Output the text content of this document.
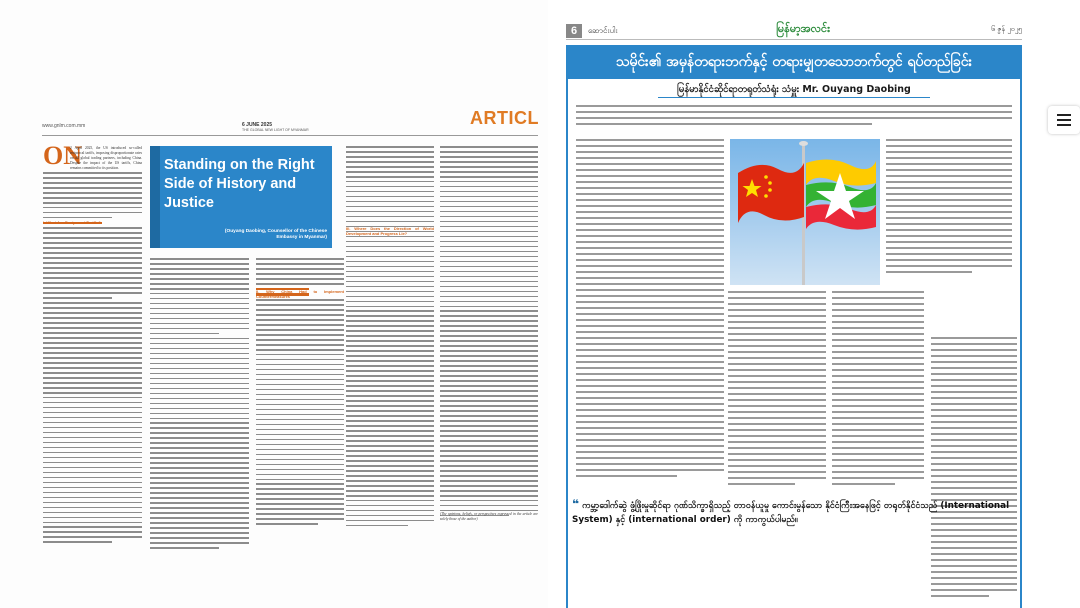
www.gnlm.com.mm	6 JUNE 2025
THE GLOBAL NEW LIGHT OF MYANMAR
ARTICL
Standing on the Right Side of History and Justice
(Ouyang Daobing, Counsellor of the Chinese Embassy in Myanmar)
ON
2 April 2025, the US introduced so-called reciprocal tariffs, imposing disproportionate rates on all global trading partners, including China. Despite the impact of the US tariffs, China remains committed to its position.
I. What Are Reciprocal Tariffs?
II. Why China Had to Implement Countermeasures
III. Where Does the Direction of World Development and Progress Lie?
(The opinions, beliefs, or perspectives expressed in the article are solely those of the author)
6	ဆောင်းပါး	မြန်မာ့အလင်း	၆ ဇွန် ၂၀၂၅
သမိုင်း၏ အမှန်တရားဘက်နှင့် တရားမျှတသောဘက်တွင် ရပ်တည်ခြင်း
မြန်မာနိုင်ငံဆိုင်ရာတရုတ်သံရုံး သံမှူး Mr. Ouyang Daobing
❝ ကမ္ဘာ့ဒေါက်ဆွဲ ဖွံ့ဖြိုးမှုဆိုင်ရာ ဂုဏ်သိက္ခာရှိသည့် တာဝန်ယူမှု ကောင်းမွန်သော နိုင်ငံကြီးအနေဖြင့် တရုတ်နိုင်ငံသည် (International System) နှင့် (international order) ကို ကာကွယ်ပါမည်။
